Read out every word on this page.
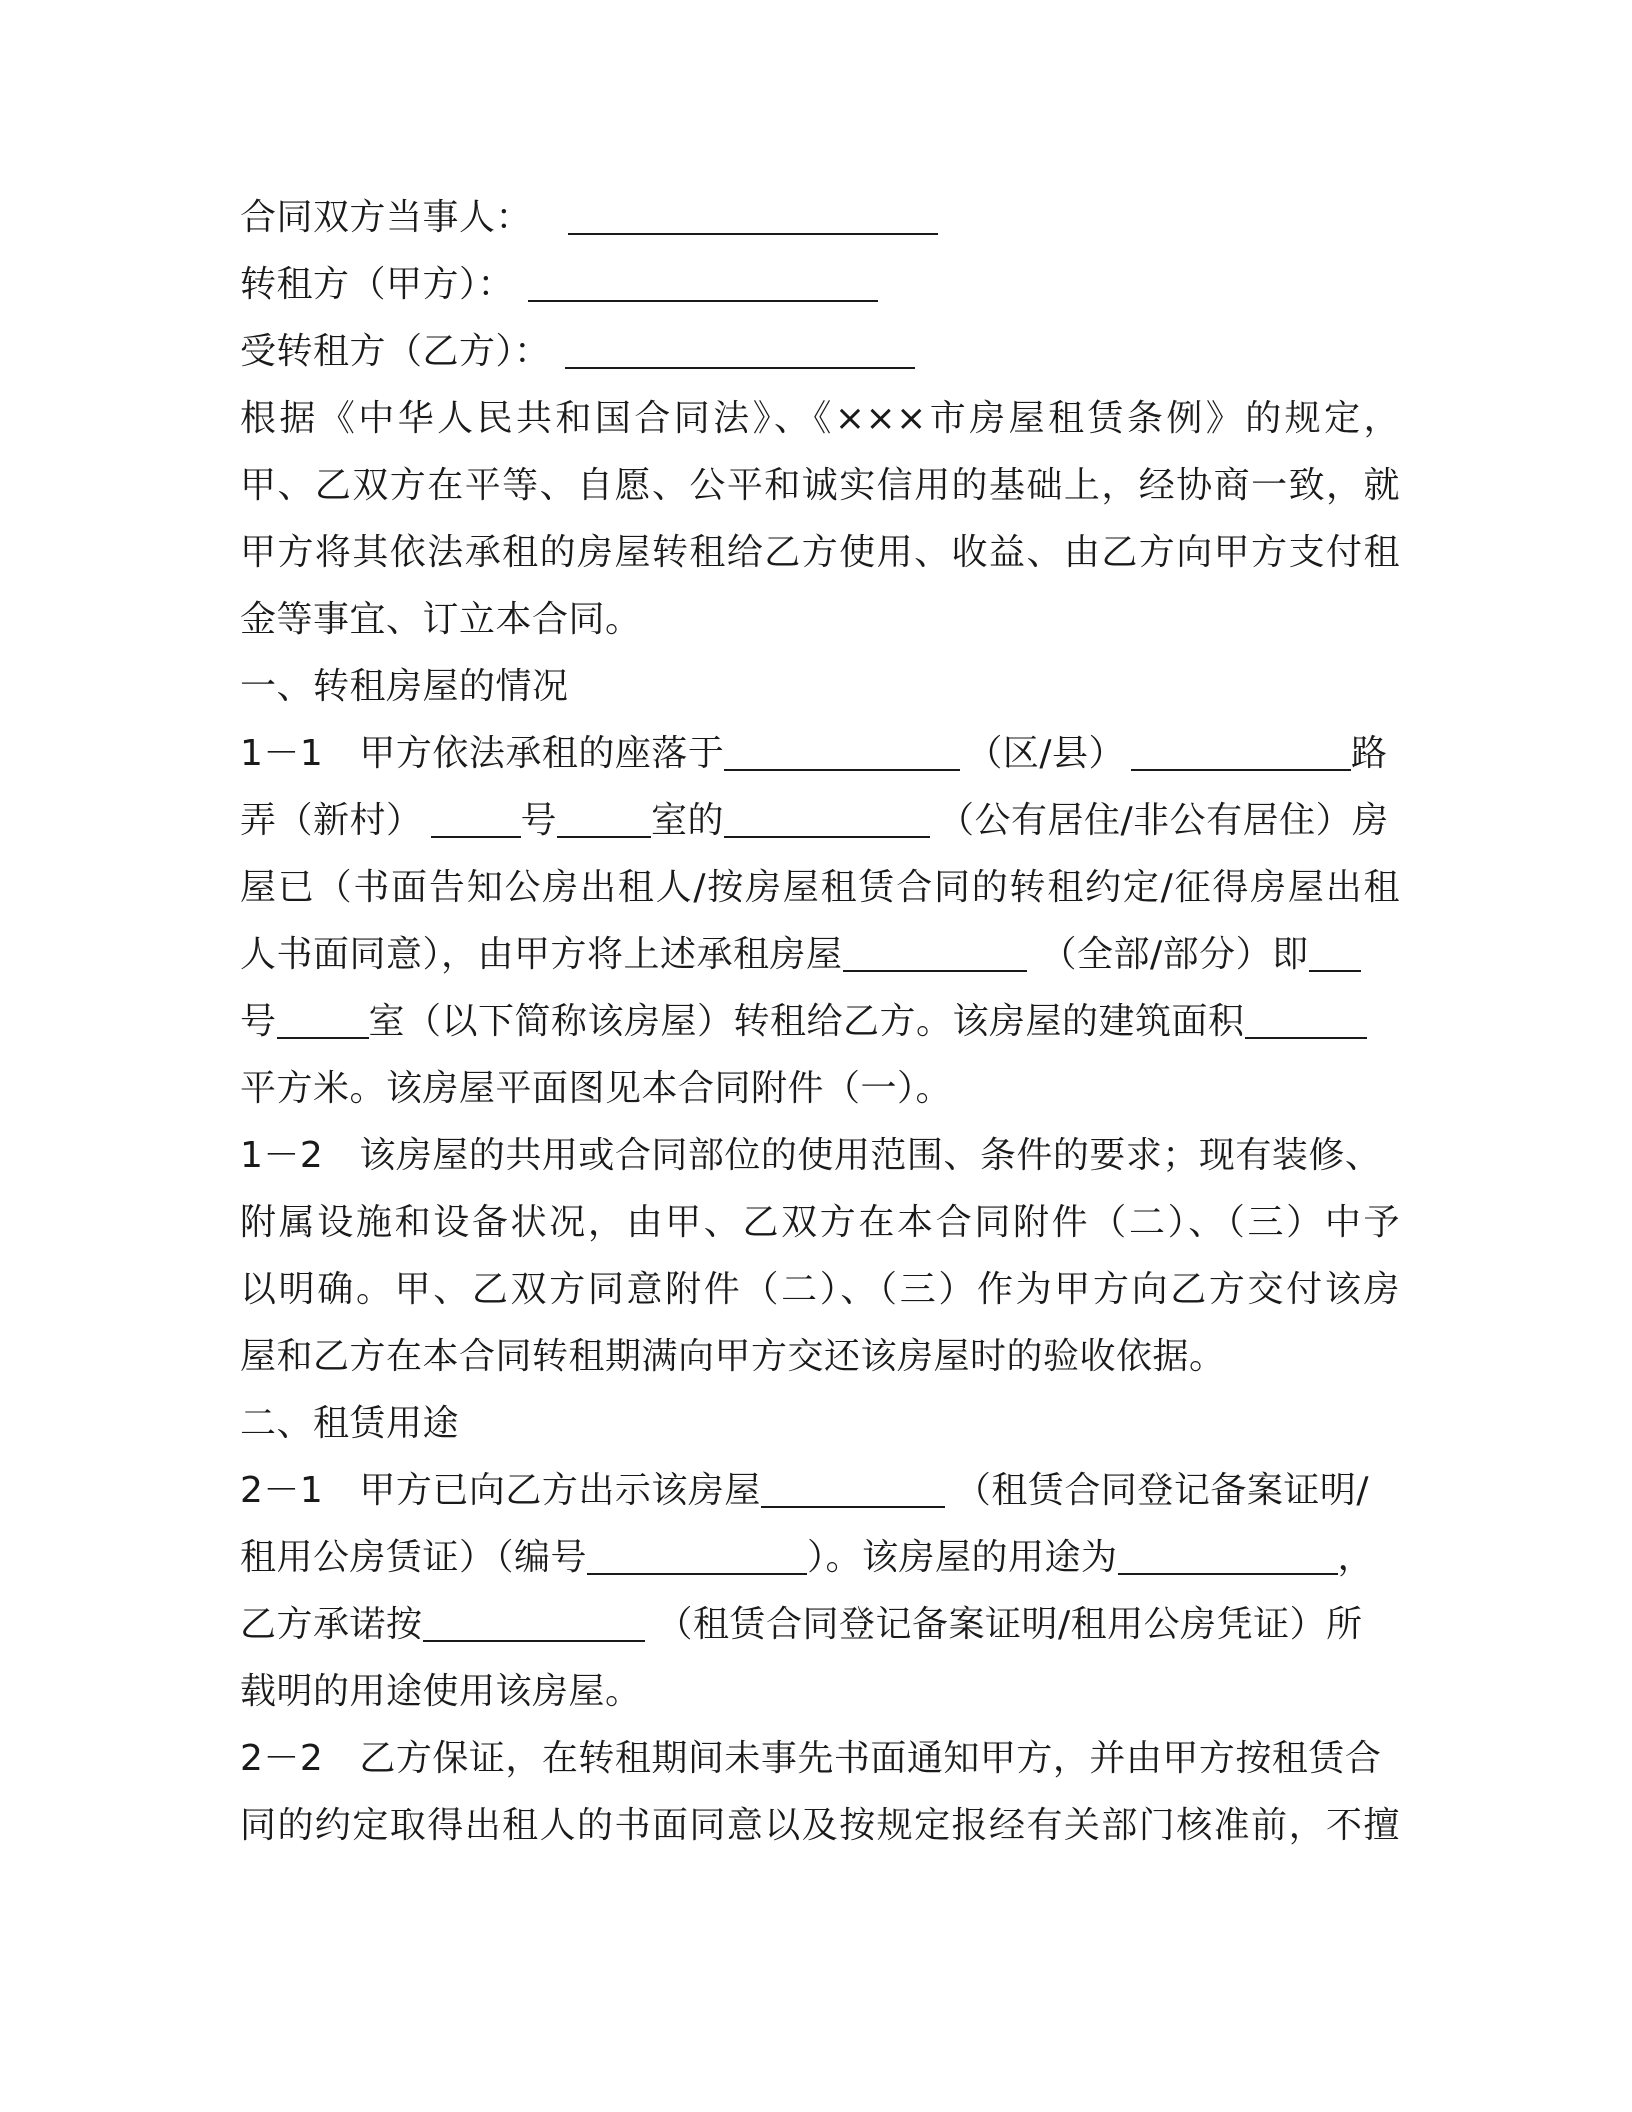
合同双方当事人：
转租方（甲方）：
受转租方（乙方）：
根据《中华人民共和国合同法》、《×××市房屋租赁条例》的规定，
甲、乙双方在平等、自愿、公平和诚实信用的基础上，经协商一致，就
甲方将其依法承租的房屋转租给乙方使用、收益、由乙方向甲方支付租
金等事宜、订立本合同。
一、转租房屋的情况
1－1 甲方依法承租的座落于	（区/县）	路
弄（新村）	号	室的	（公有居住/非公有居住）房
屋已（书面告知公房出租人/按房屋租赁合同的转租约定/征得房屋出租
人书面同意），由甲方将上述承租房屋	（全部/部分）即
号	室（以下简称该房屋）转租给乙方。该房屋的建筑面积
平方米。该房屋平面图见本合同附件（一）。
1－2 该房屋的共用或合同部位的使用范围、条件的要求；现有装修、
附属设施和设备状况，由甲、乙双方在本合同附件（二）、（三）中予
以明确。甲、乙双方同意附件（二）、（三）作为甲方向乙方交付该房
屋和乙方在本合同转租期满向甲方交还该房屋时的验收依据。
二、租赁用途
2－1 甲方已向乙方出示该房屋	（租赁合同登记备案证明/
租用公房赁证）（编号	）。该房屋的用途为	，
乙方承诺按	（租赁合同登记备案证明/租用公房凭证）所
载明的用途使用该房屋。
2－2 乙方保证，在转租期间未事先书面通知甲方，并由甲方按租赁合
同的约定取得出租人的书面同意以及按规定报经有关部门核准前，不擅
